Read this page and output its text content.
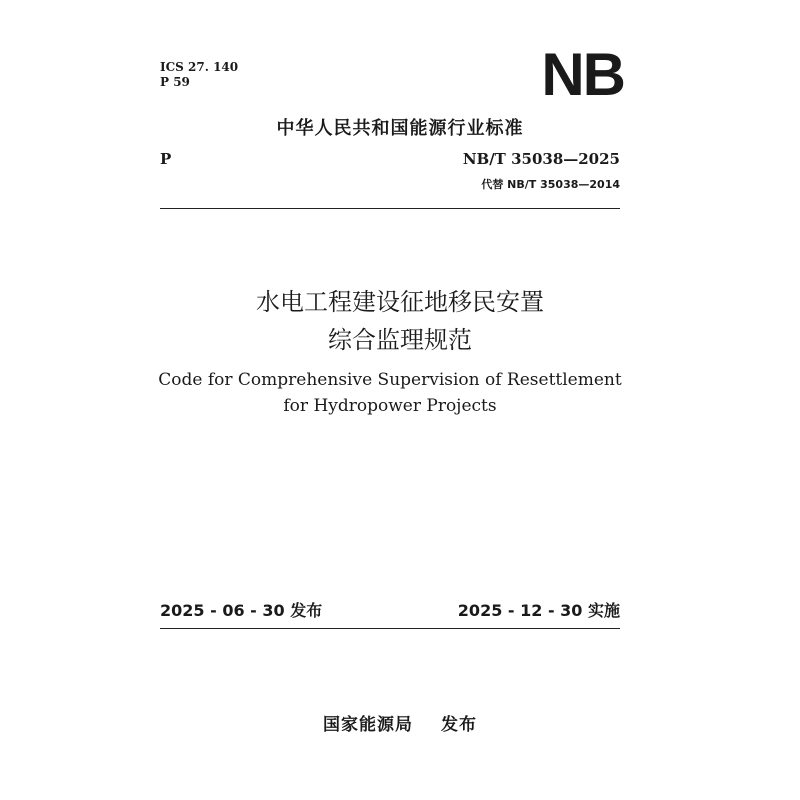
ICS 27. 140
P 59	NB
中华人民共和国能源行业标准
P	NB/T 35038—2025
代替 NB/T 35038—2014
水电工程建设征地移民安置
综合监理规范
Code for Comprehensive Supervision of Resettlement
for Hydropower Projects
2025 - 06 - 30 发布	2025 - 12 - 30 实施
国家能源局 发布
